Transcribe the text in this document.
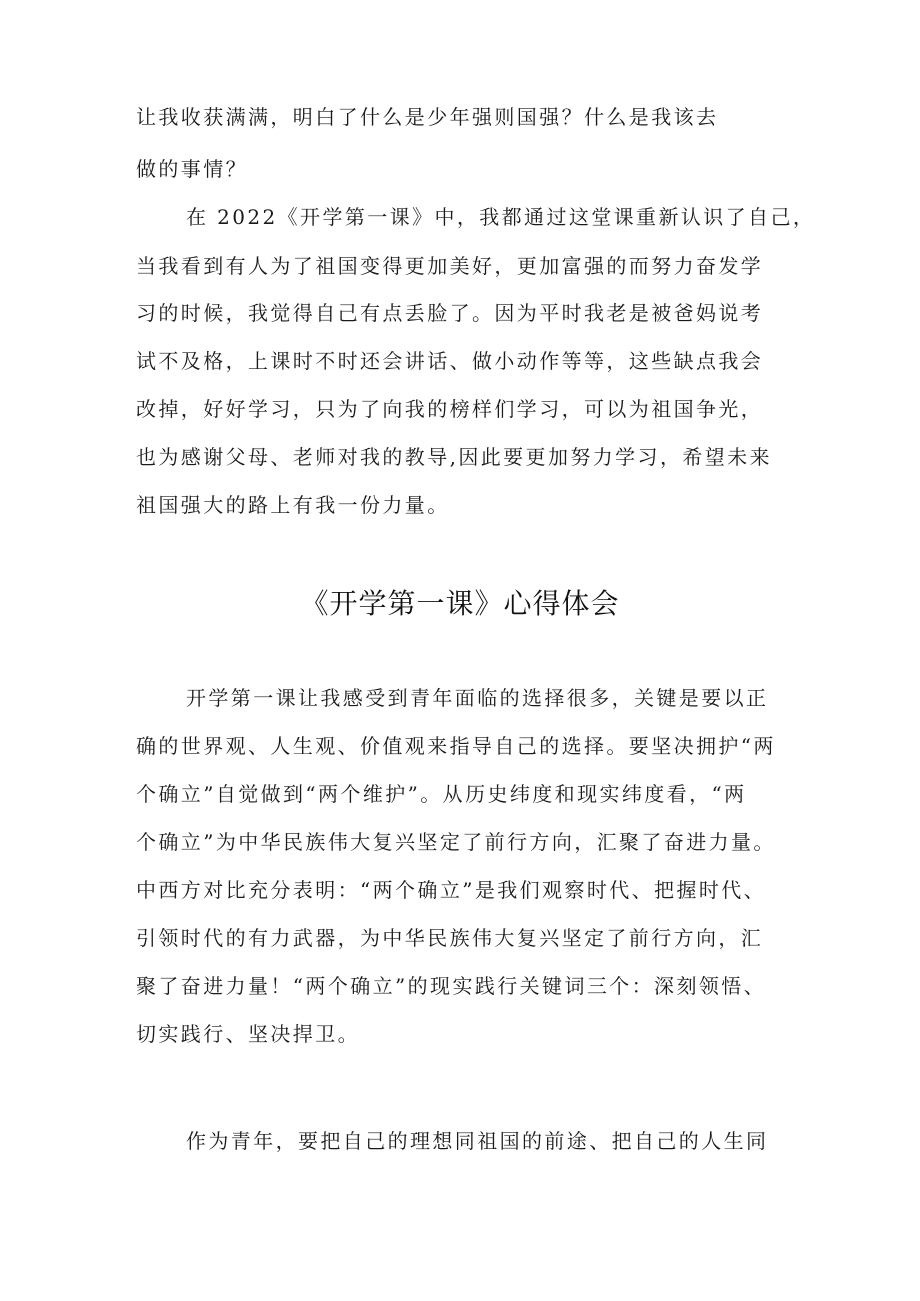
让我收获满满，明白了什么是少年强则国强？什么是我该去
做的事情？
在 2022《开学第一课》中，我都通过这堂课重新认识了自己，
当我看到有人为了祖国变得更加美好，更加富强的而努力奋发学
习的时候，我觉得自己有点丢脸了。因为平时我老是被爸妈说考
试不及格，上课时不时还会讲话、做小动作等等，这些缺点我会
改掉，好好学习，只为了向我的榜样们学习，可以为祖国争光，
也为感谢父母、老师对我的教导,因此要更加努力学习，希望未来
祖国强大的路上有我一份力量。
《开学第一课》心得体会
开学第一课让我感受到青年面临的选择很多，关键是要以正
确的世界观、人生观、价值观来指导自己的选择。要坚决拥护“两
个确立”自觉做到“两个维护”。从历史纬度和现实纬度看，“两
个确立”为中华民族伟大复兴坚定了前行方向，汇聚了奋进力量。
中西方对比充分表明：“两个确立”是我们观察时代、把握时代、
引领时代的有力武器，为中华民族伟大复兴坚定了前行方向，汇
聚了奋进力量！“两个确立”的现实践行关键词三个：深刻领悟、
切实践行、坚决捍卫。
作为青年，要把自己的理想同祖国的前途、把自己的人生同
